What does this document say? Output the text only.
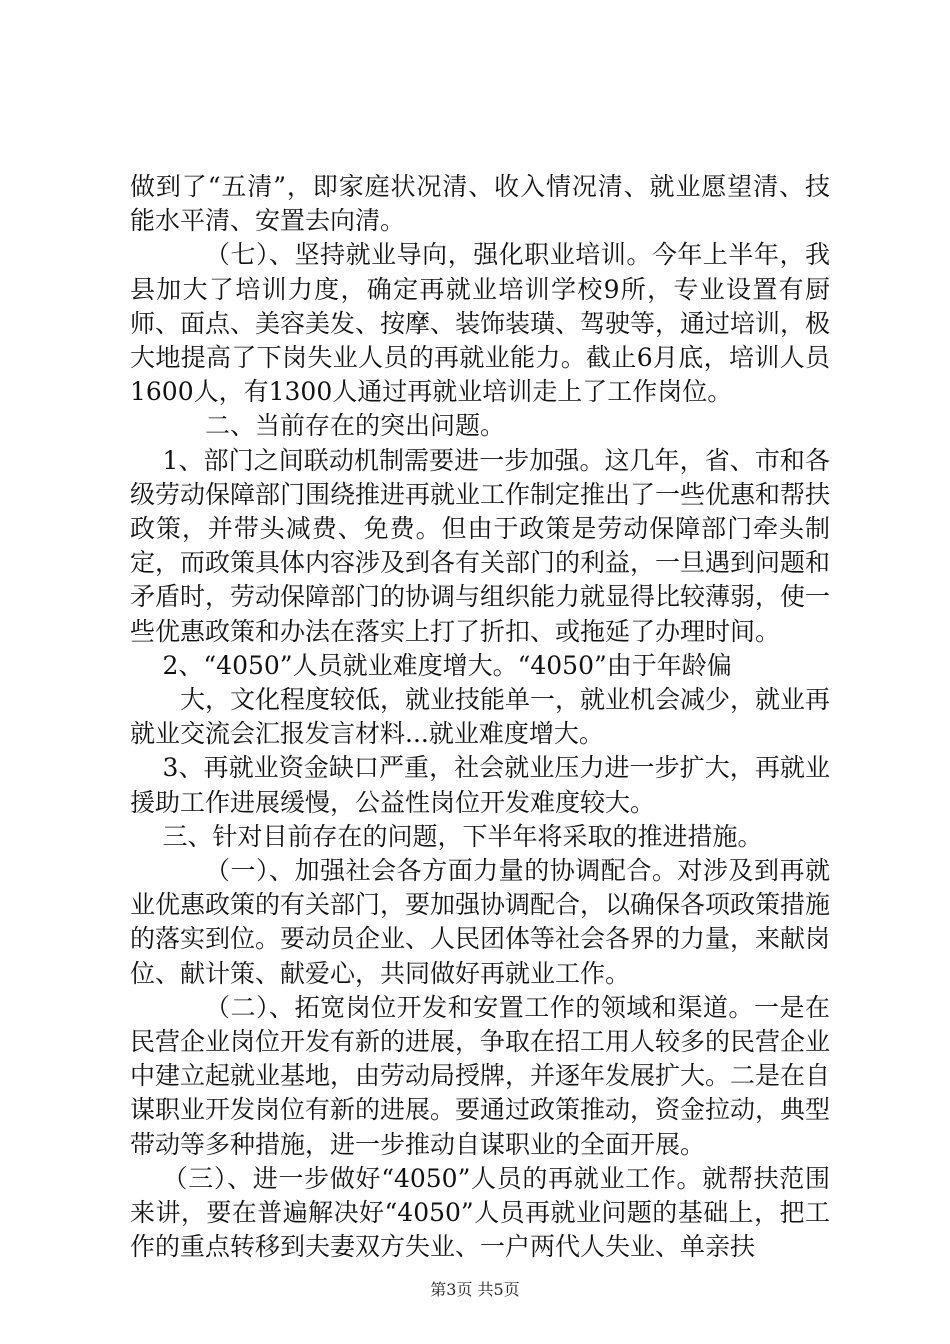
做到了“五清”，即家庭状况清、收入情况清、就业愿望清、技能水平清、安置去向清。

（七）、坚持就业导向，强化职业培训。今年上半年，我县加大了培训力度，确定再就业培训学校9所，专业设置有厨师、面点、美容美发、按摩、装饰装璜、驾驶等，通过培训，极大地提高了下岗失业人员的再就业能力。截止6月底，培训人员1600人，有1300人通过再就业培训走上了工作岗位。

二、当前存在的突出问题。

1、部门之间联动机制需要进一步加强。这几年，省、市和各级劳动保障部门围绕推进再就业工作制定推出了一些优惠和帮扶政策，并带头减费、免费。但由于政策是劳动保障部门牵头制定，而政策具体内容涉及到各有关部门的利益，一旦遇到问题和矛盾时，劳动保障部门的协调与组织能力就显得比较薄弱，使一些优惠政策和办法在落实上打了折扣、或拖延了办理时间。

2、“4050”人员就业难度增大。“4050”由于年龄偏

大，文化程度较低，就业技能单一，就业机会减少，就业再就业交流会汇报发言材料...就业难度增大。

3、再就业资金缺口严重，社会就业压力进一步扩大，再就业援助工作进展缓慢，公益性岗位开发难度较大。

三、针对目前存在的问题，下半年将采取的推进措施。

（一）、加强社会各方面力量的协调配合。对涉及到再就业优惠政策的有关部门，要加强协调配合，以确保各项政策措施的落实到位。要动员企业、人民团体等社会各界的力量，来献岗位、献计策、献爱心，共同做好再就业工作。

（二）、拓宽岗位开发和安置工作的领域和渠道。一是在民营企业岗位开发有新的进展，争取在招工用人较多的民营企业中建立起就业基地，由劳动局授牌，并逐年发展扩大。二是在自谋职业开发岗位有新的进展。要通过政策推动，资金拉动，典型带动等多种措施，进一步推动自谋职业的全面开展。

（三）、进一步做好“4050”人员的再就业工作。就帮扶范围来讲，要在普遍解决好“4050”人员再就业问题的基础上，把工作的重点转移到夫妻双方失业、一户两代人失业、单亲扶

第3页 共5页
